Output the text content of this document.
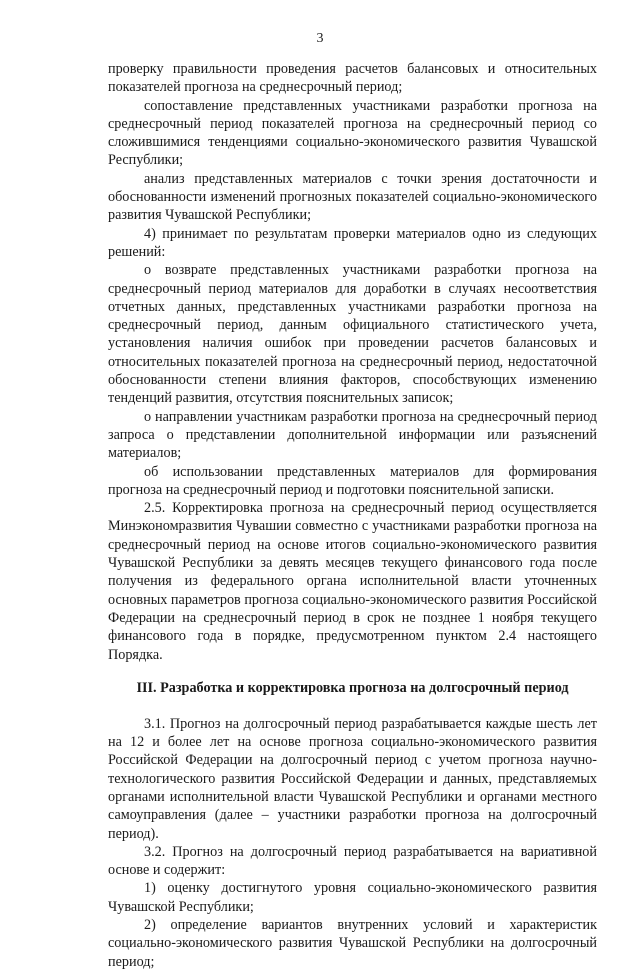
3

проверку правильности проведения расчетов балансовых и относительных показателей прогноза на среднесрочный период;

сопоставление представленных участниками разработки прогноза на среднесрочный период показателей прогноза на среднесрочный период со сложившимися тенденциями социально-экономического развития Чувашской Республики;

анализ представленных материалов с точки зрения достаточности и обоснованности изменений прогнозных показателей социально-экономического развития Чувашской Республики;

4) принимает по результатам проверки материалов одно из следующих решений:

о возврате представленных участниками разработки прогноза на среднесрочный период материалов для доработки в случаях несоответствия отчетных данных, представленных участниками разработки прогноза на среднесрочный период, данным официального статистического учета, установления наличия ошибок при проведении расчетов балансовых и относительных показателей прогноза на среднесрочный период, недостаточной обоснованности степени влияния факторов, способствующих изменению тенденций развития, отсутствия пояснительных записок;

о направлении участникам разработки прогноза на среднесрочный период запроса о представлении дополнительной информации или разъяснений материалов;

об использовании представленных материалов для формирования прогноза на среднесрочный период и подготовки пояснительной записки.

2.5. Корректировка прогноза на среднесрочный период осуществляется Минэкономразвития Чувашии совместно с участниками разработки прогноза на среднесрочный период на основе итогов социально-экономического развития Чувашской Республики за девять месяцев текущего финансового года после получения из федерального органа исполнительной власти уточненных основных параметров прогноза социально-экономического развития Российской Федерации на среднесрочный период в срок не позднее 1 ноября текущего финансового года в порядке, предусмотренном пунктом 2.4 настоящего Порядка.

III. Разработка и корректировка прогноза на долгосрочный период

3.1. Прогноз на долгосрочный период разрабатывается каждые шесть лет на 12 и более лет на основе прогноза социально-экономического развития Российской Федерации на долгосрочный период с учетом прогноза научно-технологического развития Российской Федерации и данных, представляемых органами исполнительной власти Чувашской Республики и органами местного самоуправления (далее – участники разработки прогноза на долгосрочный период).

3.2. Прогноз на долгосрочный период разрабатывается на вариативной основе и содержит:

1) оценку достигнутого уровня социально-экономического развития Чувашской Республики;

2) определение вариантов внутренних условий и характеристик социально-экономического развития Чувашской Республики на долгосрочный период;
